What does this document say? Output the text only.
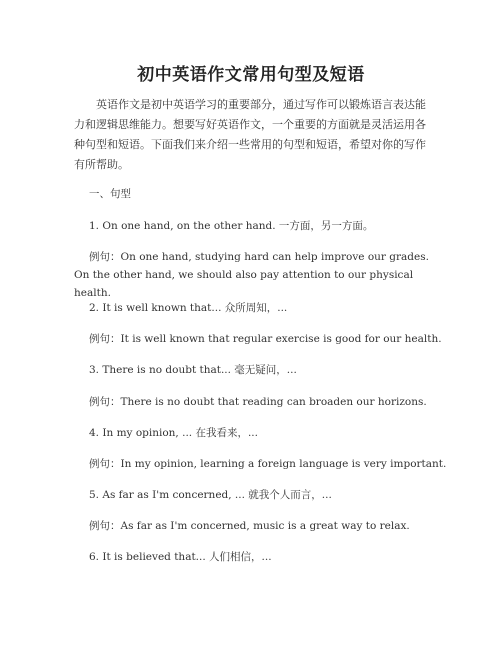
初中英语作文常用句型及短语

英语作文是初中英语学习的重要部分，通过写作可以锻炼语言表达能力和逻辑思维能力。想要写好英语作文，一个重要的方面就是灵活运用各种句型和短语。下面我们来介绍一些常用的句型和短语，希望对你的写作有所帮助。

一、句型

1. On one hand, on the other hand. 一方面，另一方面。

例句：On one hand, studying hard can help improve our grades. On the other hand, we should also pay attention to our physical health.

2. It is well known that... 众所周知，...

例句：It is well known that regular exercise is good for our health.

3. There is no doubt that... 毫无疑问，...

例句：There is no doubt that reading can broaden our horizons.

4. In my opinion, ... 在我看来，...

例句：In my opinion, learning a foreign language is very important.

5. As far as I'm concerned, ... 就我个人而言，...

例句：As far as I'm concerned, music is a great way to relax.

6. It is believed that... 人们相信，...
